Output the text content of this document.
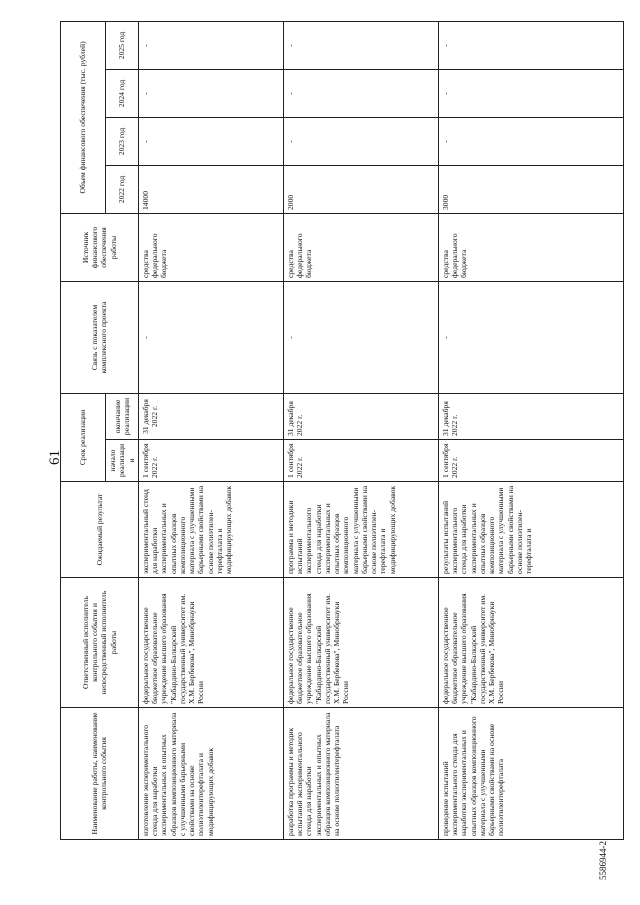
61
Наименование работы, наименование контрольного события	Ответственный исполнитель контрольного события и непосредственный исполнитель работы	Ожидаемый результат	Срок реализации		Связь с показателем комплексного проекта	Источник финансового обеспечения работы	Объем финансового обеспечения (тыс. рублей)			
			начало реализации	окончание реализации			2022 год	2023 год	2024 год	2025 год

изготовление экспериментального стенда для наработки экспериментальных и опытных образцов композиционного материала с улучшенными барьерными свойствами на основе полиэтилентерефталата и модифицирующих добавок	федеральное государственное бюджетное образовательное учреждение высшего образования "Кабардино-Балкарский государственный университет им. Х.М. Бербекова", Минобрнауки России	экспериментальный стенд для наработки экспериментальных и опытных образцов композиционного материала с улучшенными барьерными свойствами на основе полиэтилен-терефталата и модифицирующих добавок	1 сентября 2022 г.	31 декабря 2022 г.	-	средства федерального бюджета	14000	-	-	-
разработка программы и методик испытаний экспериментального стенда для наработки экспериментальных и опытных образцов композиционного материала на основе полиэтилентерефталата	федеральное государственное бюджетное образовательное учреждение высшего образования "Кабардино-Балкарский государственный университет им. Х.М. Бербекова", Минобрнауки России	программа и методики испытаний экспериментального стенда для наработки экспериментальных и опытных образцов композиционного материала с улучшенными барьерными свойствами на основе полиэтилен-терефталата и модифицирующих добавок	1 сентября 2022 г.	31 декабря 2022 г.	-	средства федерального бюджета	2000	-	-	-
проведение испытаний экспериментального стенда для наработки экспериментальных и опытных образцов композиционного материала с улучшенными барьерными свойствами на основе полиэтилентерефталата	федеральное государственное бюджетное образовательное учреждение высшего образования "Кабардино-Балкарский государственный университет им. Х.М. Бербекова", Минобрнауки России	результаты испытаний экспериментального стенда для наработки экспериментальных и опытных образцов композиционного материала с улучшенными барьерными свойствами на основе полиэтилен-терефталата и	1 сентября 2022 г.	31 декабря 2022 г.	-	средства федерального бюджета	3000	-	-	-
5586944-2
